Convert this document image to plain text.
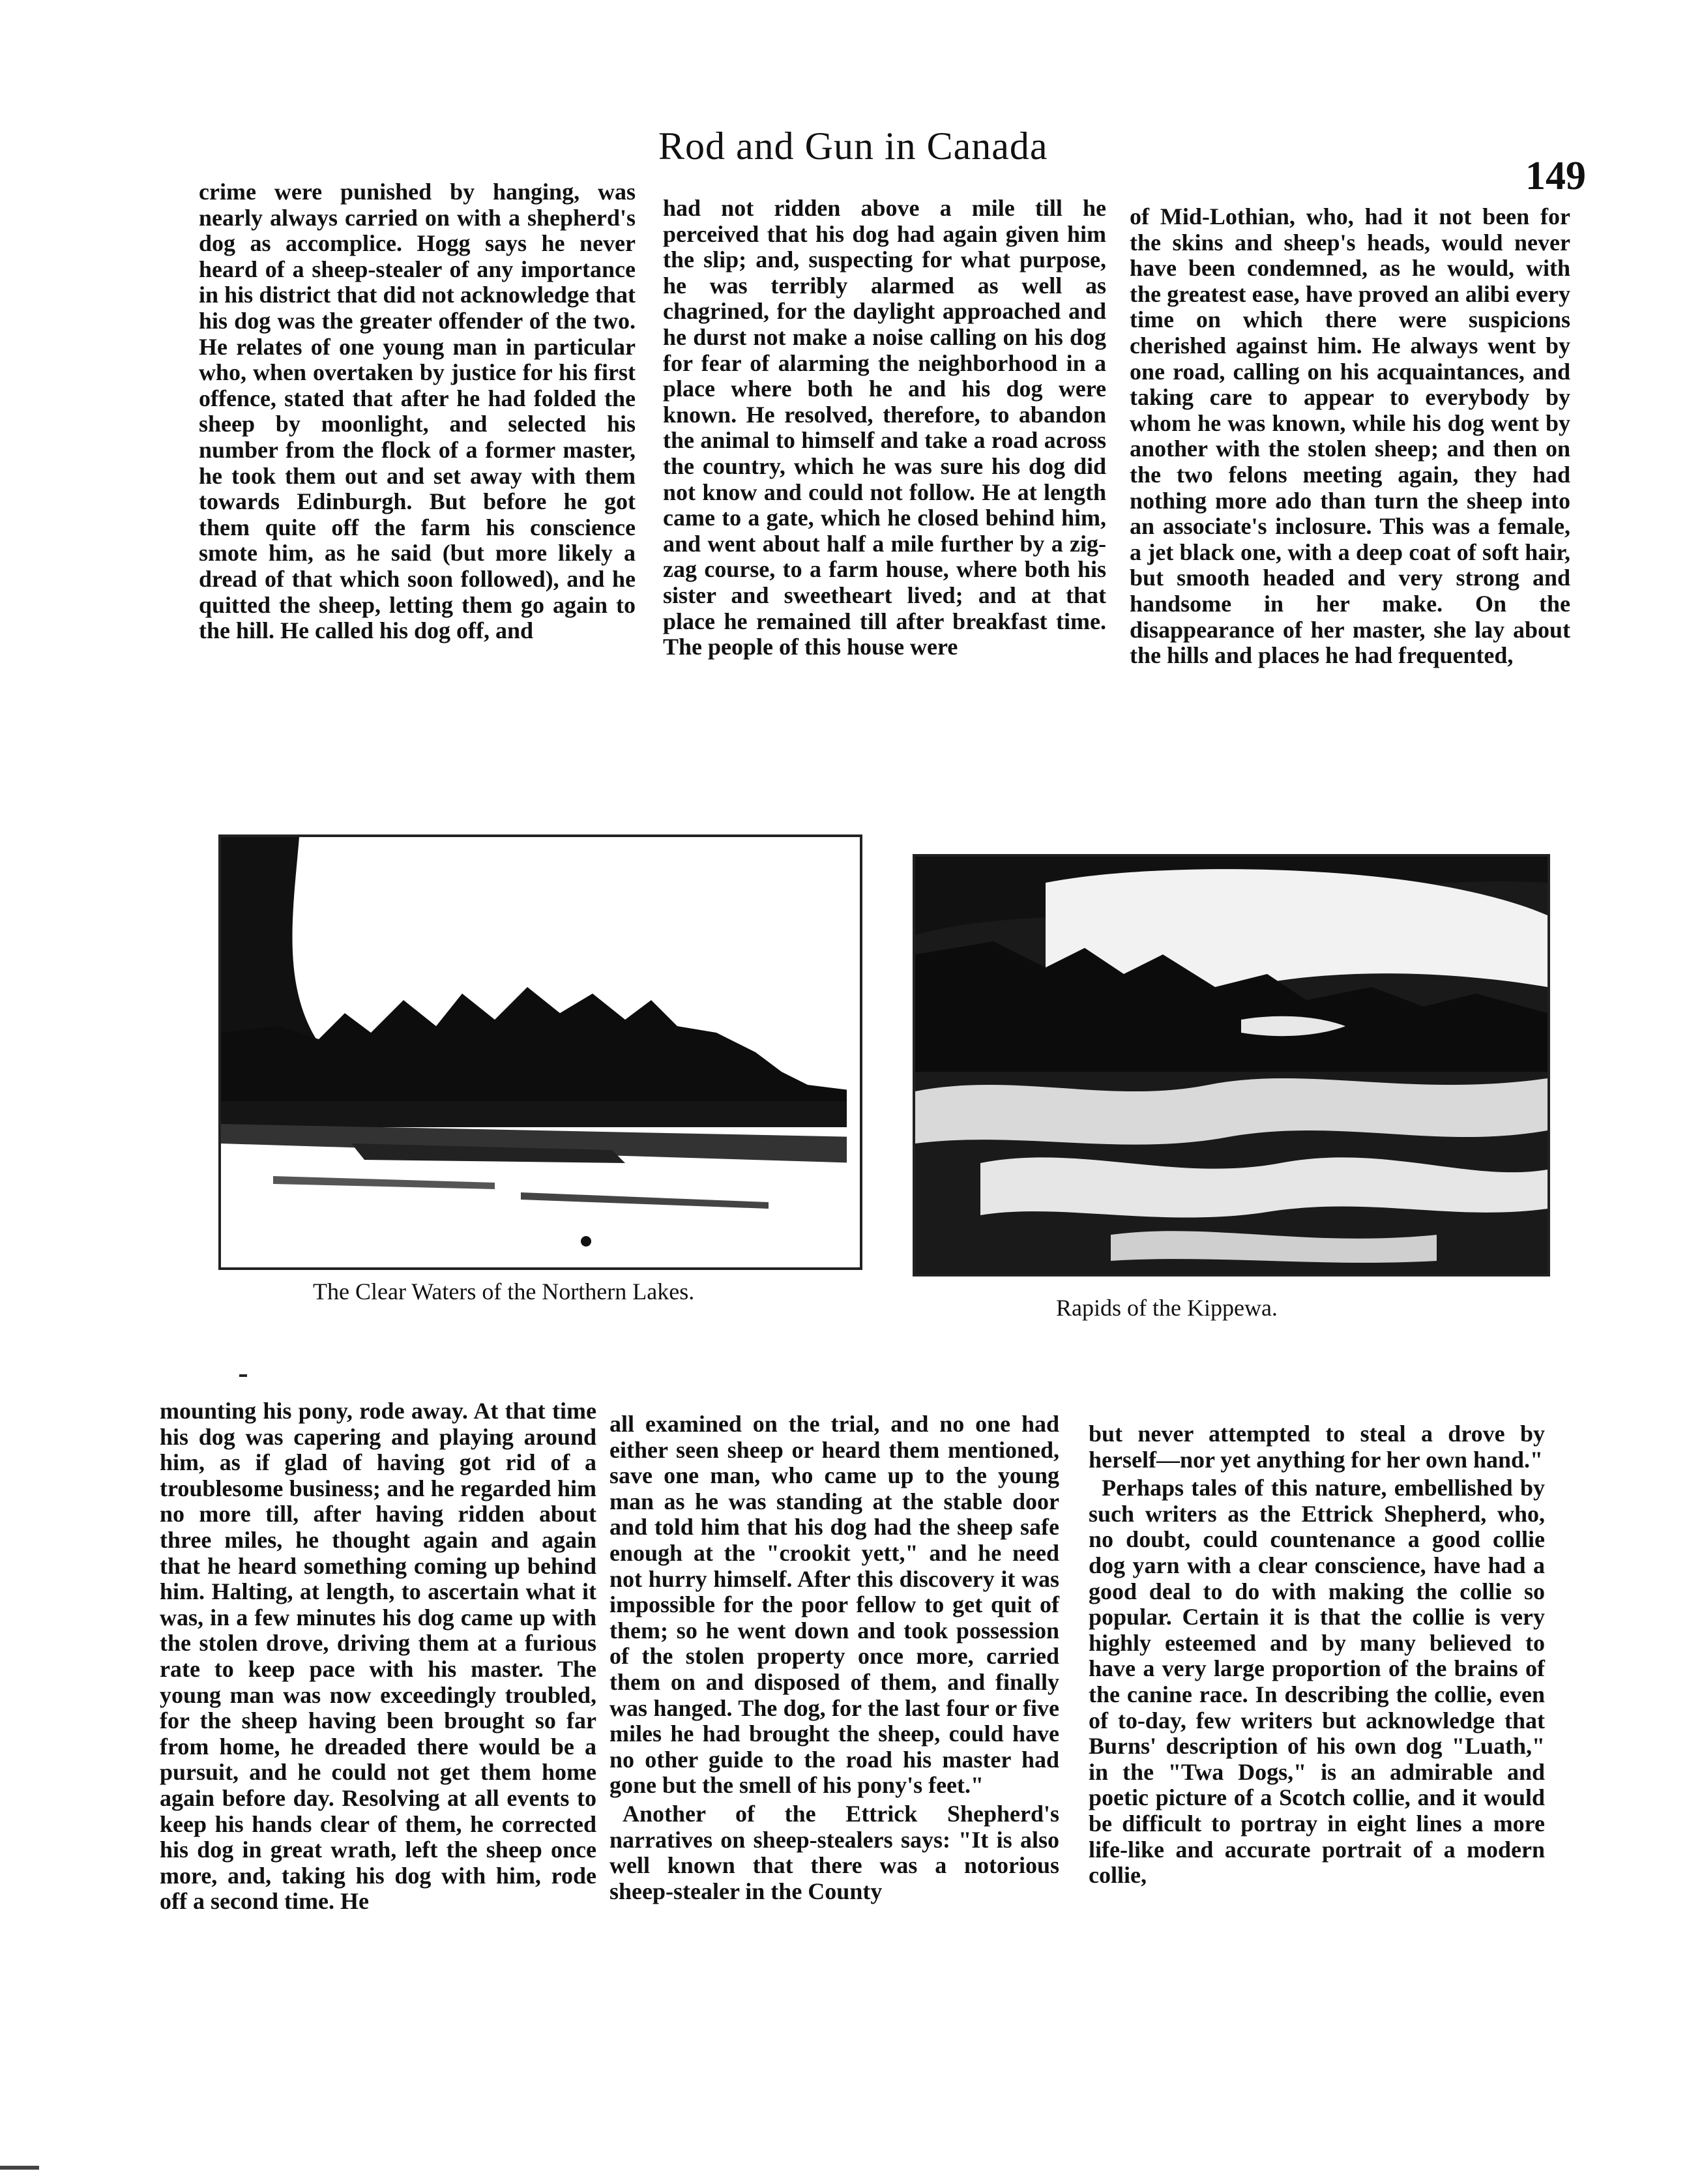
Rod and Gun in Canada
149

crime were punished by hanging, was nearly always carried on with a shepherd's dog as accomplice. Hogg says he never heard of a sheep-stealer of any importance in his district that did not acknowledge that his dog was the greater offender of the two. He relates of one young man in particular who, when overtaken by justice for his first offence, stated that after he had folded the sheep by moonlight, and selected his number from the flock of a former master, he took them out and set away with them towards Edinburgh. But before he got them quite off the farm his conscience smote him, as he said (but more likely a dread of that which soon followed), and he quitted the sheep, letting them go again to the hill. He called his dog off, and

had not ridden above a mile till he perceived that his dog had again given him the slip; and, suspecting for what purpose, he was terribly alarmed as well as chagrined, for the daylight approached and he durst not make a noise calling on his dog for fear of alarming the neighborhood in a place where both he and his dog were known. He resolved, therefore, to abandon the animal to himself and take a road across the country, which he was sure his dog did not know and could not follow. He at length came to a gate, which he closed behind him, and went about half a mile further by a zig-zag course, to a farm house, where both his sister and sweetheart lived; and at that place he remained till after breakfast time. The people of this house were

of Mid-Lothian, who, had it not been for the skins and sheep's heads, would never have been condemned, as he would, with the greatest ease, have proved an alibi every time on which there were suspicions cherished against him. He always went by one road, calling on his acquaintances, and taking care to appear to everybody by whom he was known, while his dog went by another with the stolen sheep; and then on the two felons meeting again, they had nothing more ado than turn the sheep into an associate's inclosure. This was a female, a jet black one, with a deep coat of soft hair, but smooth headed and very strong and handsome in her make. On the disappearance of her master, she lay about the hills and places he had frequented,

The Clear Waters of the Northern Lakes.
Rapids of the Kippewa.

mounting his pony, rode away. At that time his dog was capering and playing around him, as if glad of having got rid of a troublesome business; and he regarded him no more till, after having ridden about three miles, he thought again and again that he heard something coming up behind him. Halting, at length, to ascertain what it was, in a few minutes his dog came up with the stolen drove, driving them at a furious rate to keep pace with his master. The young man was now exceedingly troubled, for the sheep having been brought so far from home, he dreaded there would be a pursuit, and he could not get them home again before day. Resolving at all events to keep his hands clear of them, he corrected his dog in great wrath, left the sheep once more, and, taking his dog with him, rode off a second time. He

all examined on the trial, and no one had either seen sheep or heard them mentioned, save one man, who came up to the young man as he was standing at the stable door and told him that his dog had the sheep safe enough at the "crookit yett," and he need not hurry himself. After this discovery it was impossible for the poor fellow to get quit of them; so he went down and took possession of the stolen property once more, carried them on and disposed of them, and finally was hanged. The dog, for the last four or five miles he had brought the sheep, could have no other guide to the road his master had gone but the smell of his pony's feet."

Another of the Ettrick Shepherd's narratives on sheep-stealers says: "It is also well known that there was a notorious sheep-stealer in the County

but never attempted to steal a drove by herself—nor yet anything for her own hand."

Perhaps tales of this nature, embellished by such writers as the Ettrick Shepherd, who, no doubt, could countenance a good collie dog yarn with a clear conscience, have had a good deal to do with making the collie so popular. Certain it is that the collie is very highly esteemed and by many believed to have a very large proportion of the brains of the canine race. In describing the collie, even of to-day, few writers but acknowledge that Burns' description of his own dog "Luath," in the "Twa Dogs," is an admirable and poetic picture of a Scotch collie, and it would be difficult to portray in eight lines a more life-like and accurate portrait of a modern collie,
